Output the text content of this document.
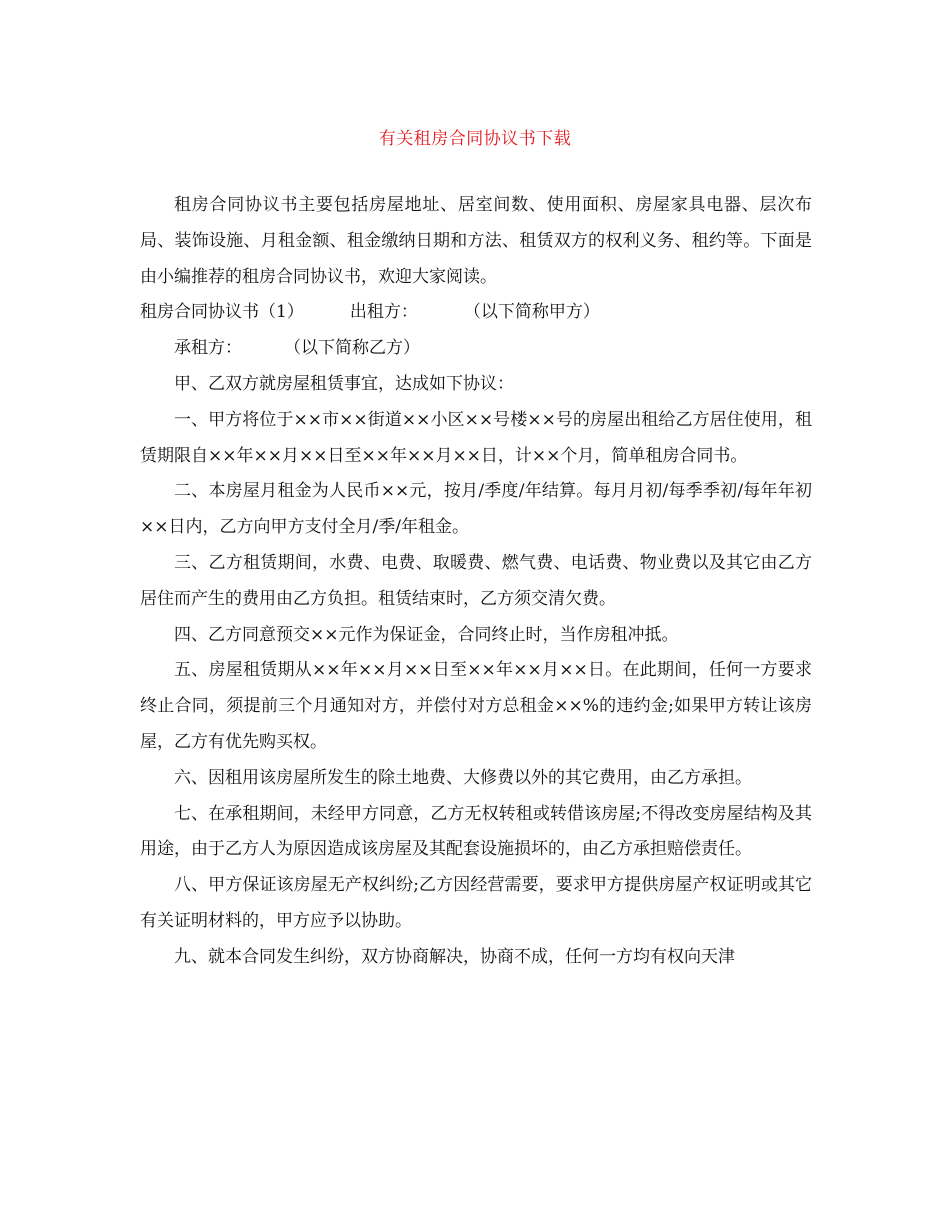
有关租房合同协议书下载

租房合同协议书主要包括房屋地址、居室间数、使用面积、房屋家具电器、层次布局、装饰设施、月租金额、租金缴纳日期和方法、租赁双方的权利义务、租约等。下面是由小编推荐的租房合同协议书，欢迎大家阅读。

租房合同协议书（1）	出租方：	（以下简称甲方）

承租方： （以下简称乙方）

甲、乙双方就房屋租赁事宜，达成如下协议：

一、甲方将位于××市××街道××小区××号楼××号的房屋出租给乙方居住使用，租赁期限自××年××月××日至××年××月××日，计××个月，简单租房合同书。

二、本房屋月租金为人民币××元，按月/季度/年结算。每月月初/每季季初/每年年初××日内，乙方向甲方支付全月/季/年租金。

三、乙方租赁期间，水费、电费、取暖费、燃气费、电话费、物业费以及其它由乙方居住而产生的费用由乙方负担。租赁结束时，乙方须交清欠费。

四、乙方同意预交××元作为保证金，合同终止时，当作房租冲抵。

五、房屋租赁期从××年××月××日至××年××月××日。在此期间，任何一方要求终止合同，须提前三个月通知对方，并偿付对方总租金××%的违约金;如果甲方转让该房屋，乙方有优先购买权。

六、因租用该房屋所发生的除土地费、大修费以外的其它费用，由乙方承担。

七、在承租期间，未经甲方同意，乙方无权转租或转借该房屋;不得改变房屋结构及其用途，由于乙方人为原因造成该房屋及其配套设施损坏的，由乙方承担赔偿责任。

八、甲方保证该房屋无产权纠纷;乙方因经营需要，要求甲方提供房屋产权证明或其它有关证明材料的，甲方应予以协助。

九、就本合同发生纠纷，双方协商解决，协商不成，任何一方均有权向天津
